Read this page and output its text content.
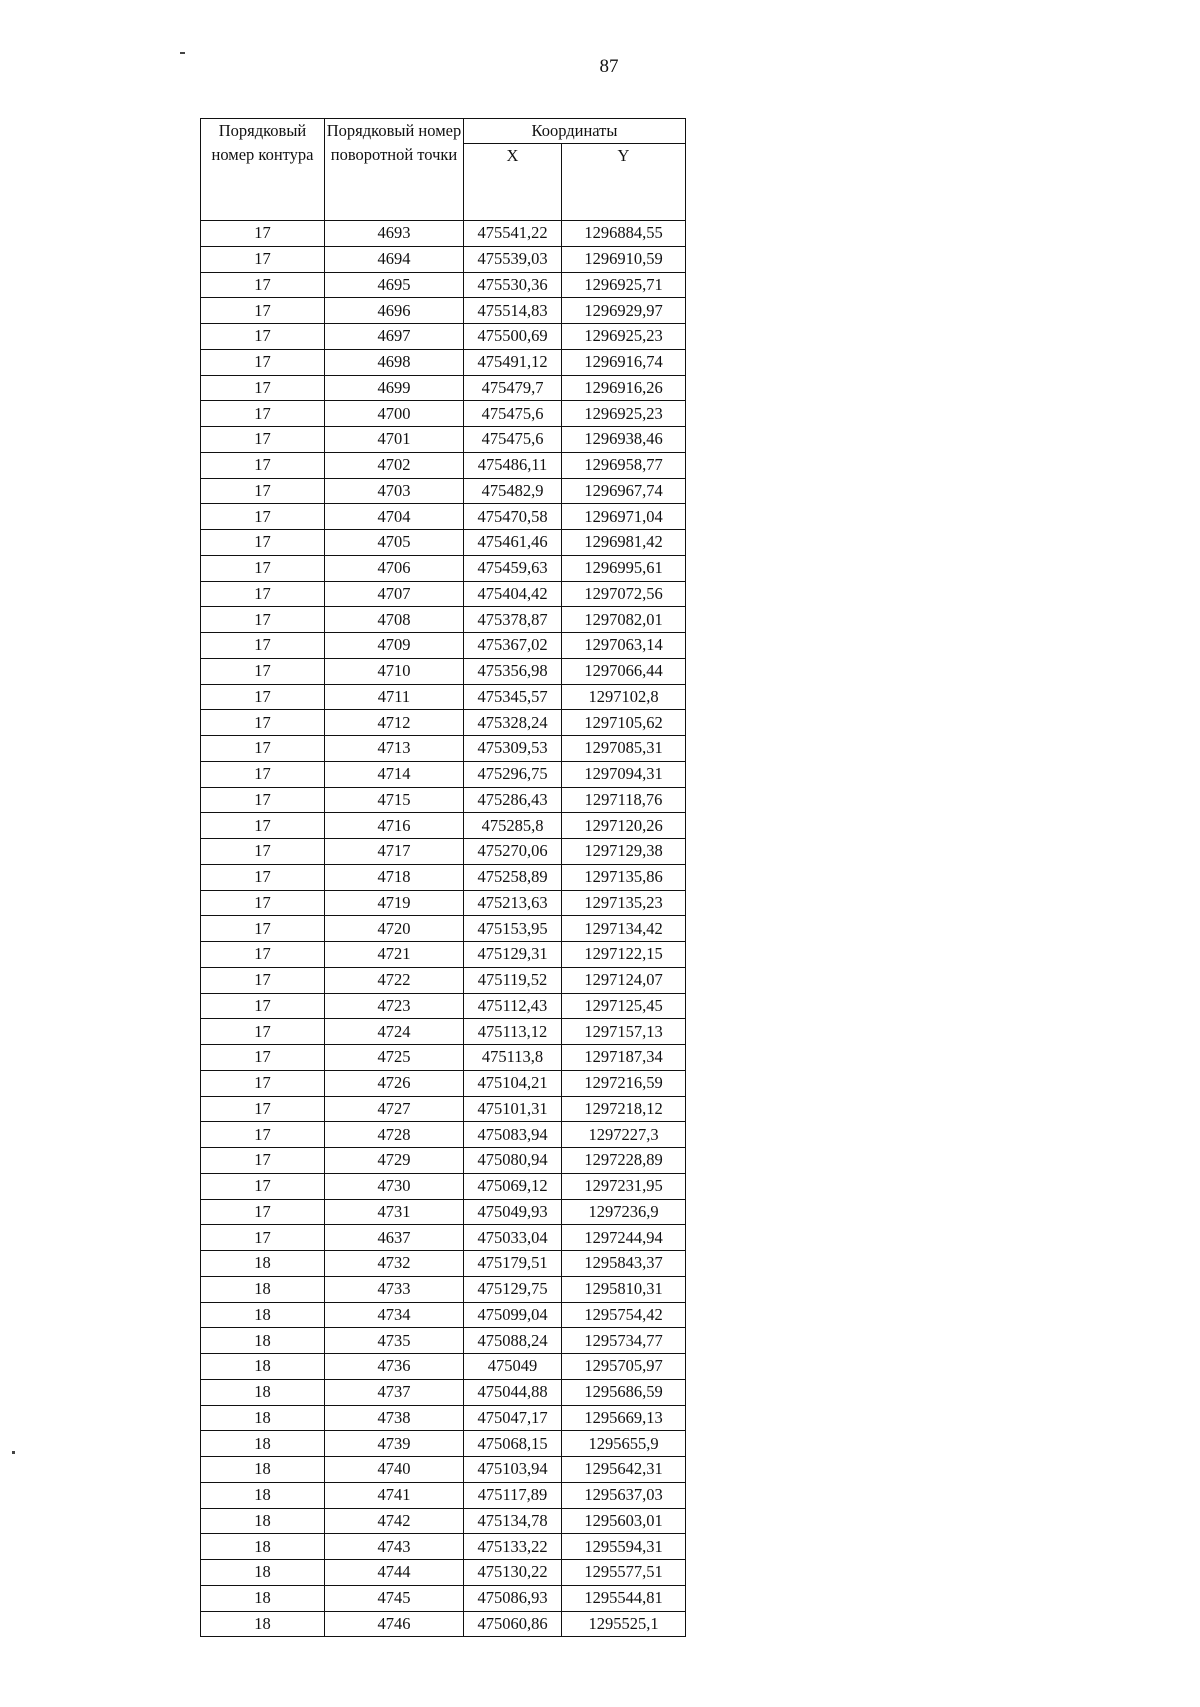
87
Порядковый номер контура	Порядковый номер поворотной точки	Координаты	
		X	Y
17	4693	475541,22	1296884,55
17	4694	475539,03	1296910,59
17	4695	475530,36	1296925,71
17	4696	475514,83	1296929,97
17	4697	475500,69	1296925,23
17	4698	475491,12	1296916,74
17	4699	475479,7	1296916,26
17	4700	475475,6	1296925,23
17	4701	475475,6	1296938,46
17	4702	475486,11	1296958,77
17	4703	475482,9	1296967,74
17	4704	475470,58	1296971,04
17	4705	475461,46	1296981,42
17	4706	475459,63	1296995,61
17	4707	475404,42	1297072,56
17	4708	475378,87	1297082,01
17	4709	475367,02	1297063,14
17	4710	475356,98	1297066,44
17	4711	475345,57	1297102,8
17	4712	475328,24	1297105,62
17	4713	475309,53	1297085,31
17	4714	475296,75	1297094,31
17	4715	475286,43	1297118,76
17	4716	475285,8	1297120,26
17	4717	475270,06	1297129,38
17	4718	475258,89	1297135,86
17	4719	475213,63	1297135,23
17	4720	475153,95	1297134,42
17	4721	475129,31	1297122,15
17	4722	475119,52	1297124,07
17	4723	475112,43	1297125,45
17	4724	475113,12	1297157,13
17	4725	475113,8	1297187,34
17	4726	475104,21	1297216,59
17	4727	475101,31	1297218,12
17	4728	475083,94	1297227,3
17	4729	475080,94	1297228,89
17	4730	475069,12	1297231,95
17	4731	475049,93	1297236,9
17	4637	475033,04	1297244,94
18	4732	475179,51	1295843,37
18	4733	475129,75	1295810,31
18	4734	475099,04	1295754,42
18	4735	475088,24	1295734,77
18	4736	475049	1295705,97
18	4737	475044,88	1295686,59
18	4738	475047,17	1295669,13
18	4739	475068,15	1295655,9
18	4740	475103,94	1295642,31
18	4741	475117,89	1295637,03
18	4742	475134,78	1295603,01
18	4743	475133,22	1295594,31
18	4744	475130,22	1295577,51
18	4745	475086,93	1295544,81
18	4746	475060,86	1295525,1
